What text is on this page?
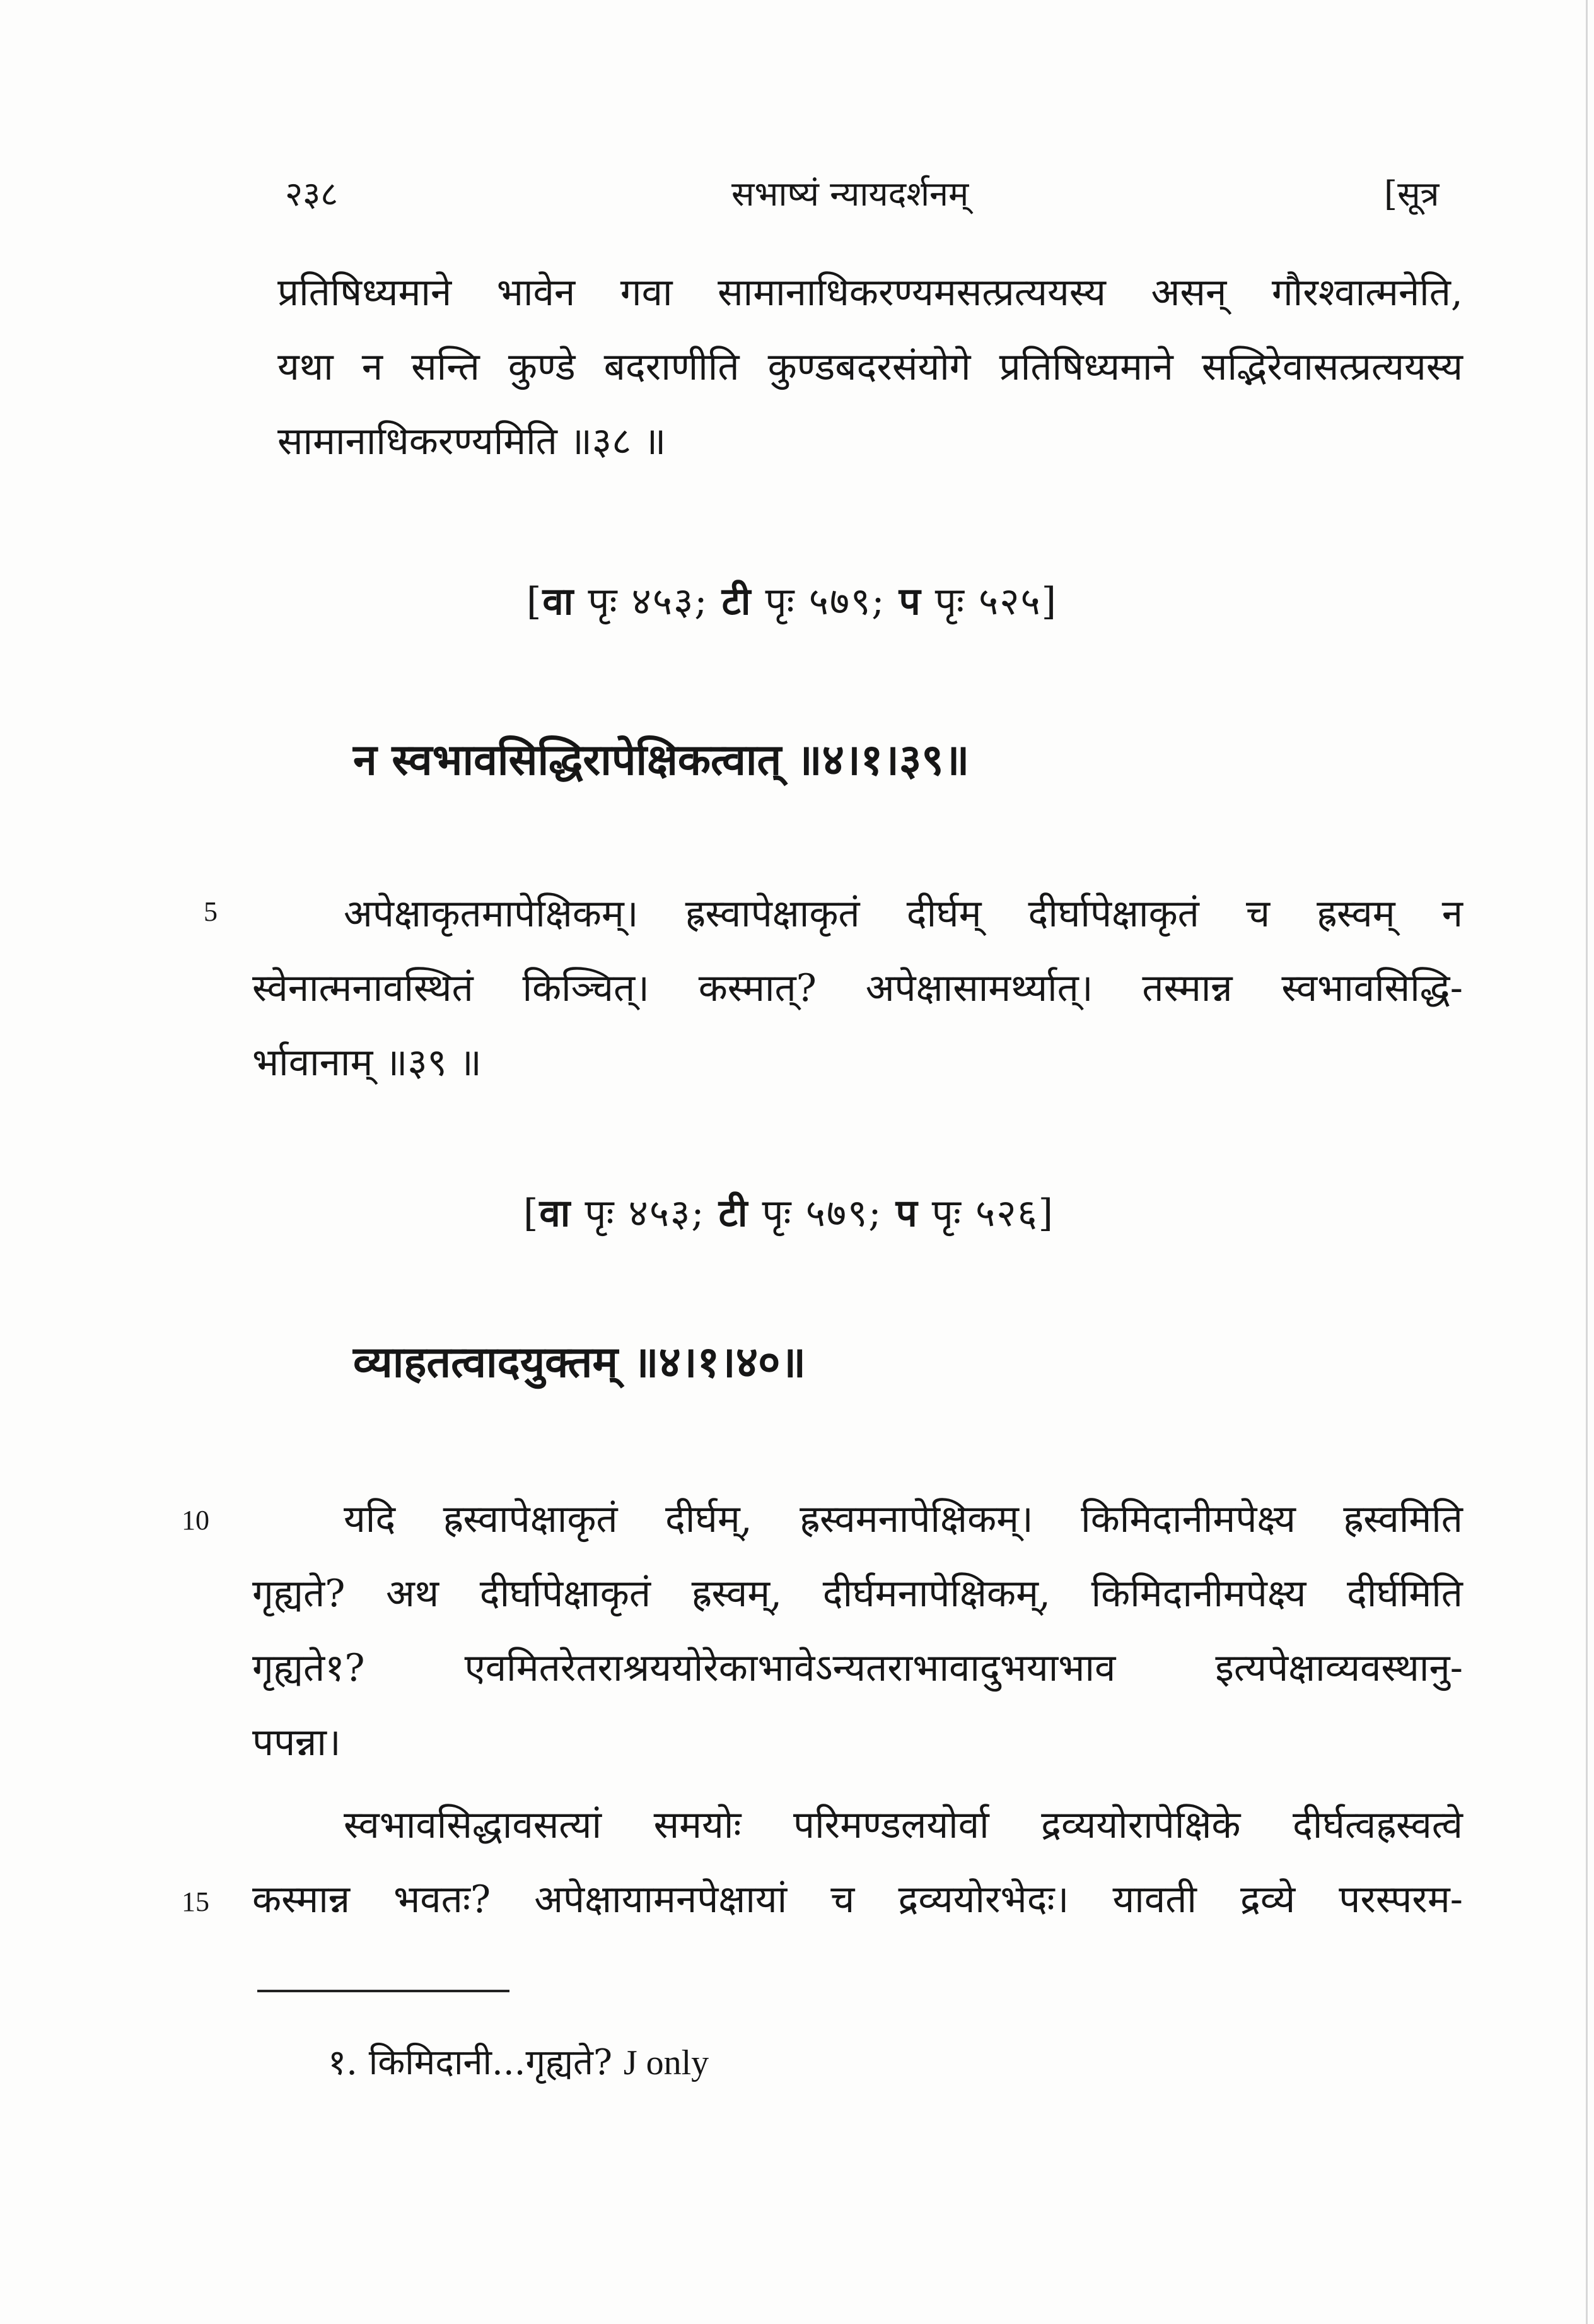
२३८	सभाष्यं न्यायदर्शनम्	[सूत्र
प्रतिषिध्यमाने भावेन गवा सामानाधिकरण्यमसत्प्रत्ययस्य असन् गौरश्वात्मनेति,
यथा न सन्ति कुण्डे बदराणीति कुण्डबदरसंयोगे प्रतिषिध्यमाने सद्भिरेवासत्प्रत्ययस्य
सामानाधिकरण्यमिति ॥३८ ॥
[वा पृः ४५३; टी पृः ५७९; प पृः ५२५]
न स्वभावसिद्धिरापेक्षिकत्वात् ॥४।१।३९॥
5	अपेक्षाकृतमापेक्षिकम्। ह्रस्वापेक्षाकृतं दीर्घम् दीर्घापेक्षाकृतं च ह्रस्वम् न
स्वेनात्मनावस्थितं किञ्चित्। कस्मात्? अपेक्षासामर्थ्यात्। तस्मान्न स्वभावसिद्धि-
र्भावानाम् ॥३९ ॥
[वा पृः ४५३; टी पृः ५७९; प पृः ५२६]
व्याहतत्वादयुक्तम् ॥४।१।४०॥
10	यदि ह्रस्वापेक्षाकृतं दीर्घम्, ह्रस्वमनापेक्षिकम्। किमिदानीमपेक्ष्य ह्रस्वमिति
गृह्यते? अथ दीर्घापेक्षाकृतं ह्रस्वम्, दीर्घमनापेक्षिकम्, किमिदानीमपेक्ष्य दीर्घमिति
गृह्यते१? एवमितरेतराश्रययोरेकाभावेऽन्यतराभावादुभयाभाव इत्यपेक्षाव्यवस्थानु-
पपन्ना।
स्वभावसिद्धावसत्यां समयोः परिमण्डलयोर्वा द्रव्ययोरापेक्षिके दीर्घत्वह्रस्वत्वे
15 कस्मान्न भवतः? अपेक्षायामनपेक्षायां च द्रव्ययोरभेदः। यावती द्रव्ये परस्परम-
१. किमिदानी...गृह्यते? J only
